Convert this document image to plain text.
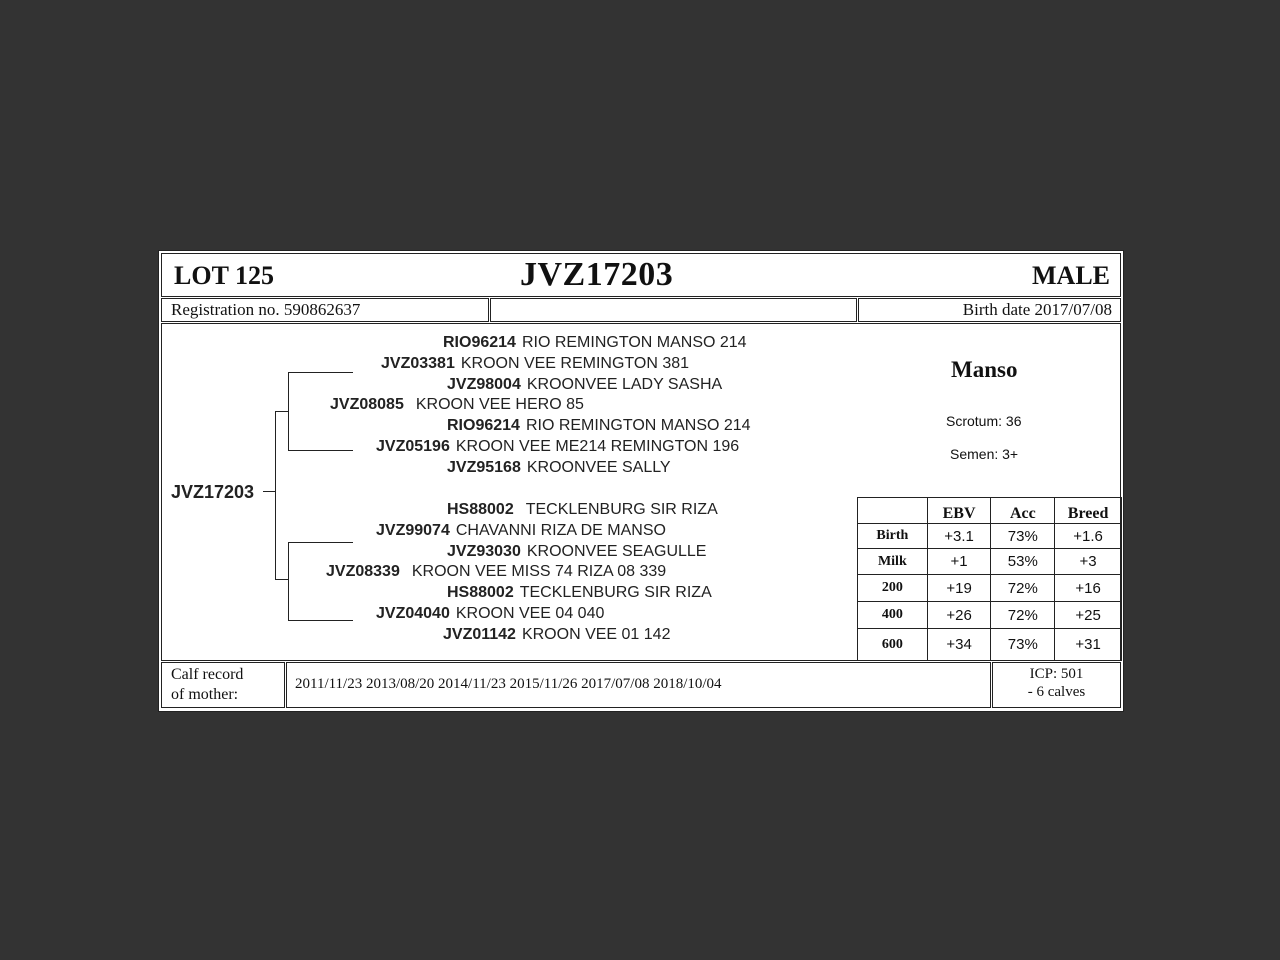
LOT 125	JVZ17203	MALE
Registration no. 590862637	Birth date 2017/07/08
JVZ17203
RIO96214 RIO REMINGTON MANSO 214
JVZ03381 KROON VEE REMINGTON 381
JVZ98004 KROONVEE LADY SASHA
JVZ08085 KROON VEE HERO 85
RIO96214 RIO REMINGTON MANSO 214
JVZ05196 KROON VEE ME214 REMINGTON 196
JVZ95168 KROONVEE SALLY
HS88002 TECKLENBURG SIR RIZA
JVZ99074 CHAVANNI RIZA DE MANSO
JVZ93030 KROONVEE SEAGULLE
JVZ08339 KROON VEE MISS 74 RIZA 08 339
HS88002 TECKLENBURG SIR RIZA
JVZ04040 KROON VEE 04 040
JVZ01142 KROON VEE 01 142
Manso
Scrotum: 36
Semen: 3+
	EBV	Acc	Breed
Birth	+3.1	73%	+1.6
Milk	+1	53%	+3
200	+19	72%	+16
400	+26	72%	+25
600	+34	73%	+31
Calf record
of mother:
2011/11/23 2013/08/20 2014/11/23 2015/11/26 2017/07/08 2018/10/04
ICP: 501
- 6 calves
